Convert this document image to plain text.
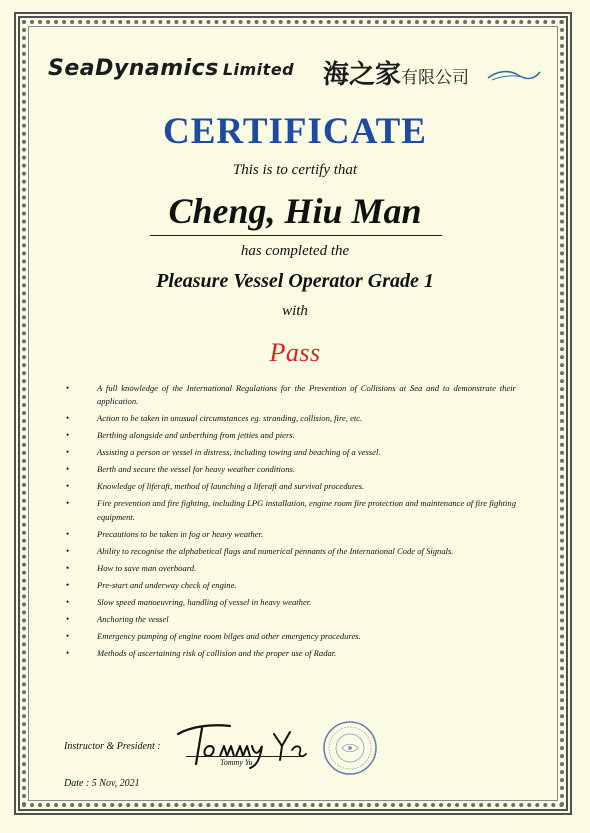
SeaDynamics Limited 海之家有限公司
CERTIFICATE
This is to certify that
Cheng, Hiu Man
has completed the
Pleasure Vessel Operator Grade 1
with
Pass
•	A full knowledge of the International Regulations for the Prevention of Collisions at Sea and to demonstrate their application.
•	Action to be taken in unusual circumstances eg. stranding, collision, fire, etc.
•	Berthing alongside and unberthing from jetties and piers.
•	Assisting a person or vessel in distress, including towing and beaching of a vessel.
•	Berth and secure the vessel for heavy weather conditions.
•	Knowledge of liferaft, method of launching a liferaft and survival procedures.
•	Fire prevention and fire fighting, including LPG installation, engine room fire protection and maintenance of fire fighting equipment.
•	Precautions to be taken in fog or heavy weather.
•	Ability to recognise the alphabetical flags and numerical pennants of the International Code of Signals.
•	How to save man overboard.
•	Pre-start and underway check of engine.
•	Slow speed manoeuvring, handling of vessel in heavy weather.
•	Anchoring the vessel
•	Emergency pumping of engine room bilges and other emergency procedures.
•	Methods of ascertaining risk of collision and the proper use of Radar.
Instructor & President :
Tommy Yu
Date : 5 Nov, 2021
